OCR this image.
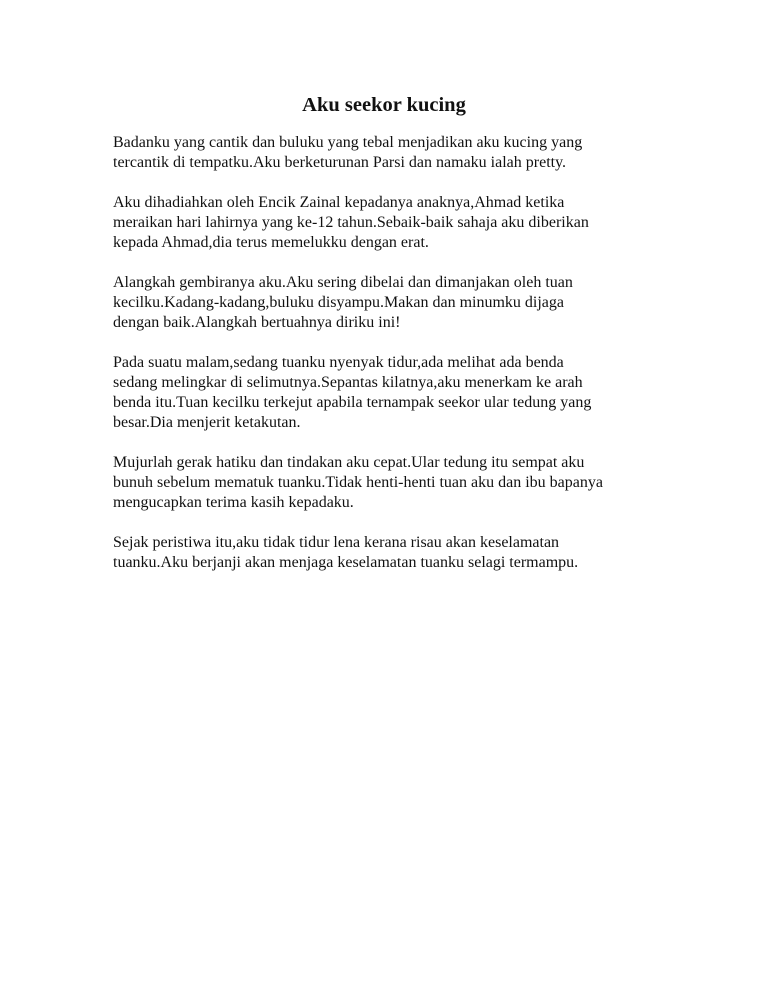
Aku seekor kucing

Badanku yang cantik dan buluku yang tebal menjadikan aku kucing yang
tercantik di tempatku.Aku berketurunan Parsi dan namaku ialah pretty.

Aku dihadiahkan oleh Encik Zainal kepadanya anaknya,Ahmad ketika
meraikan hari lahirnya yang ke-12 tahun.Sebaik-baik sahaja aku diberikan
kepada Ahmad,dia terus memelukku dengan erat.

Alangkah gembiranya aku.Aku sering dibelai dan dimanjakan oleh tuan
kecilku.Kadang-kadang,buluku disyampu.Makan dan minumku dijaga
dengan baik.Alangkah bertuahnya diriku ini!

Pada suatu malam,sedang tuanku nyenyak tidur,ada melihat ada benda
sedang melingkar di selimutnya.Sepantas kilatnya,aku menerkam ke arah
benda itu.Tuan kecilku terkejut apabila ternampak seekor ular tedung yang
besar.Dia menjerit ketakutan.

Mujurlah gerak hatiku dan tindakan aku cepat.Ular tedung itu sempat aku
bunuh sebelum mematuk tuanku.Tidak henti-henti tuan aku dan ibu bapanya
mengucapkan terima kasih kepadaku.

Sejak peristiwa itu,aku tidak tidur lena kerana risau akan keselamatan
tuanku.Aku berjanji akan menjaga keselamatan tuanku selagi termampu.
